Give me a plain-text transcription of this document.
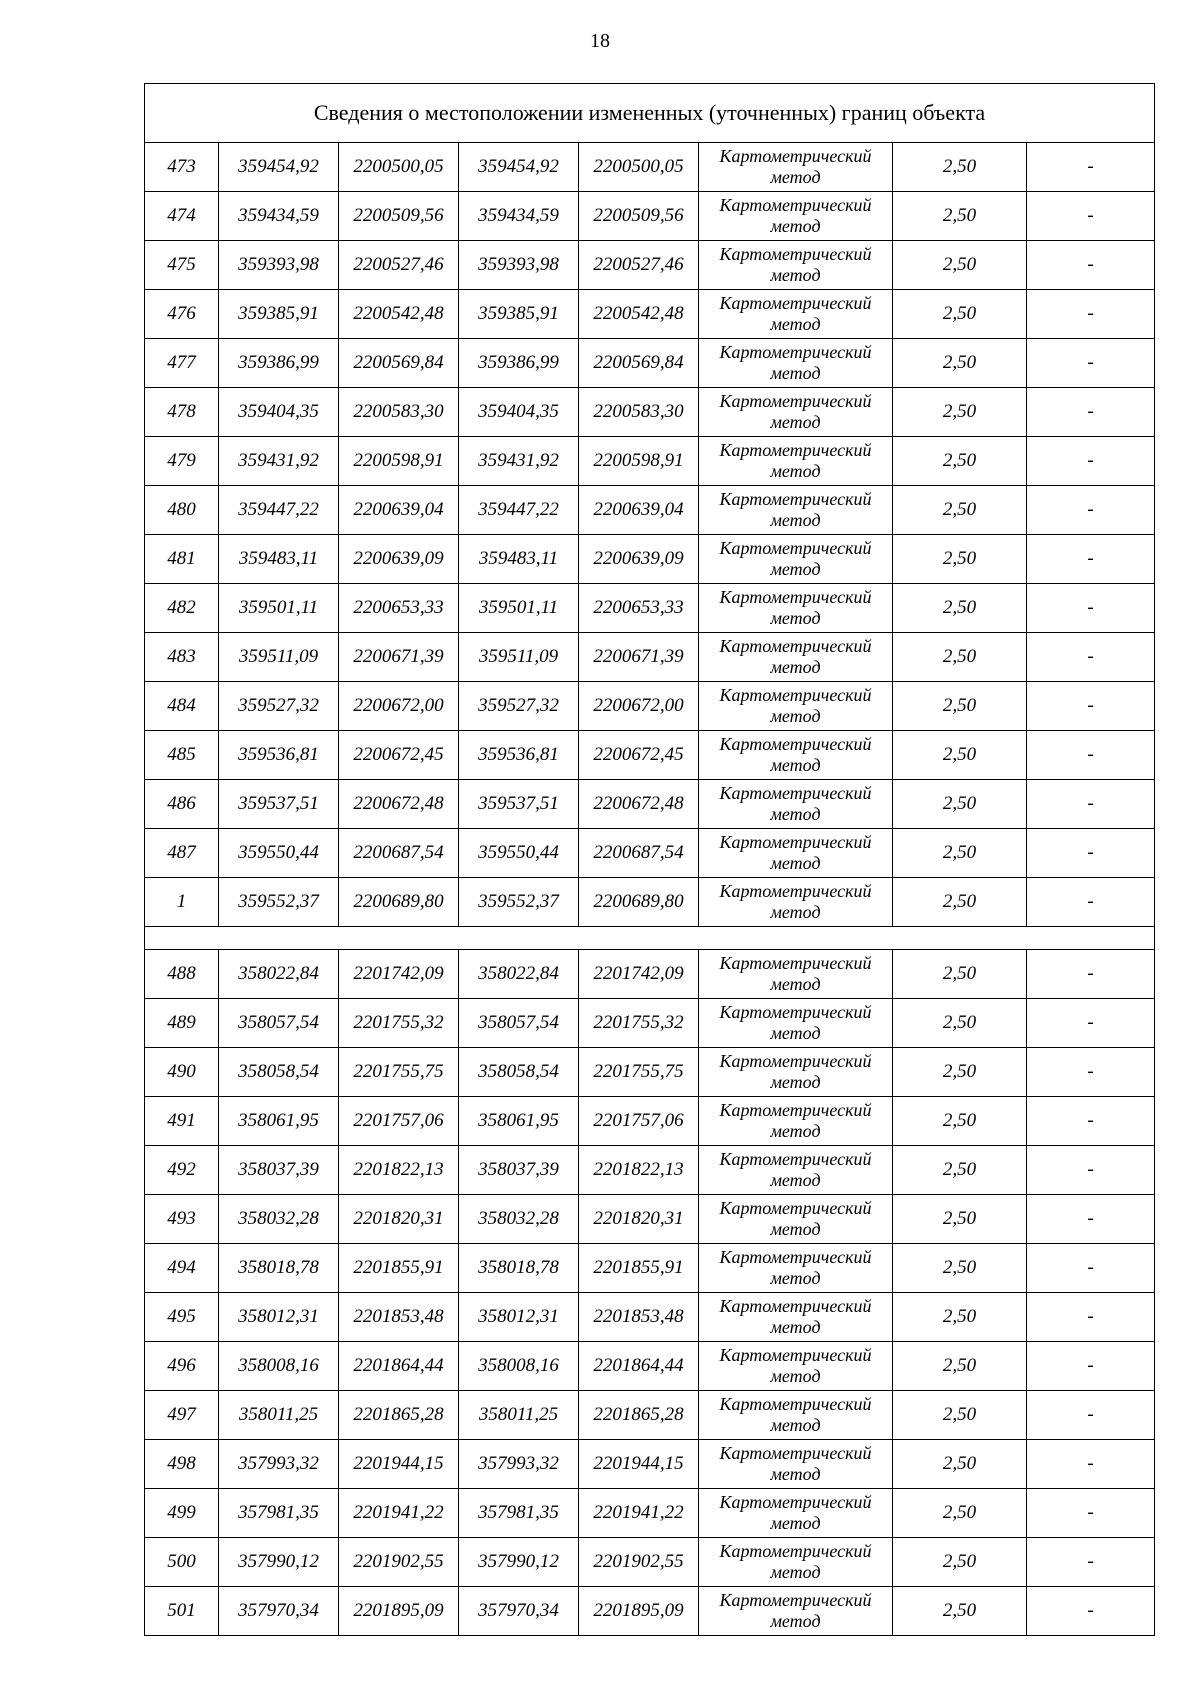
18
Сведения о местоположении измененных (уточненных) границ объекта							
473	359454,92	2200500,05	359454,92	2200500,05	Картометрический
метод	2,50	-
474	359434,59	2200509,56	359434,59	2200509,56	Картометрический
метод	2,50	-
475	359393,98	2200527,46	359393,98	2200527,46	Картометрический
метод	2,50	-
476	359385,91	2200542,48	359385,91	2200542,48	Картометрический
метод	2,50	-
477	359386,99	2200569,84	359386,99	2200569,84	Картометрический
метод	2,50	-
478	359404,35	2200583,30	359404,35	2200583,30	Картометрический
метод	2,50	-
479	359431,92	2200598,91	359431,92	2200598,91	Картометрический
метод	2,50	-
480	359447,22	2200639,04	359447,22	2200639,04	Картометрический
метод	2,50	-
481	359483,11	2200639,09	359483,11	2200639,09	Картометрический
метод	2,50	-
482	359501,11	2200653,33	359501,11	2200653,33	Картометрический
метод	2,50	-
483	359511,09	2200671,39	359511,09	2200671,39	Картометрический
метод	2,50	-
484	359527,32	2200672,00	359527,32	2200672,00	Картометрический
метод	2,50	-
485	359536,81	2200672,45	359536,81	2200672,45	Картометрический
метод	2,50	-
486	359537,51	2200672,48	359537,51	2200672,48	Картометрический
метод	2,50	-
487	359550,44	2200687,54	359550,44	2200687,54	Картометрический
метод	2,50	-
1	359552,37	2200689,80	359552,37	2200689,80	Картометрический
метод	2,50	-

488	358022,84	2201742,09	358022,84	2201742,09	Картометрический
метод	2,50	-
489	358057,54	2201755,32	358057,54	2201755,32	Картометрический
метод	2,50	-
490	358058,54	2201755,75	358058,54	2201755,75	Картометрический
метод	2,50	-
491	358061,95	2201757,06	358061,95	2201757,06	Картометрический
метод	2,50	-
492	358037,39	2201822,13	358037,39	2201822,13	Картометрический
метод	2,50	-
493	358032,28	2201820,31	358032,28	2201820,31	Картометрический
метод	2,50	-
494	358018,78	2201855,91	358018,78	2201855,91	Картометрический
метод	2,50	-
495	358012,31	2201853,48	358012,31	2201853,48	Картометрический
метод	2,50	-
496	358008,16	2201864,44	358008,16	2201864,44	Картометрический
метод	2,50	-
497	358011,25	2201865,28	358011,25	2201865,28	Картометрический
метод	2,50	-
498	357993,32	2201944,15	357993,32	2201944,15	Картометрический
метод	2,50	-
499	357981,35	2201941,22	357981,35	2201941,22	Картометрический
метод	2,50	-
500	357990,12	2201902,55	357990,12	2201902,55	Картометрический
метод	2,50	-
501	357970,34	2201895,09	357970,34	2201895,09	Картометрический
метод	2,50	-
